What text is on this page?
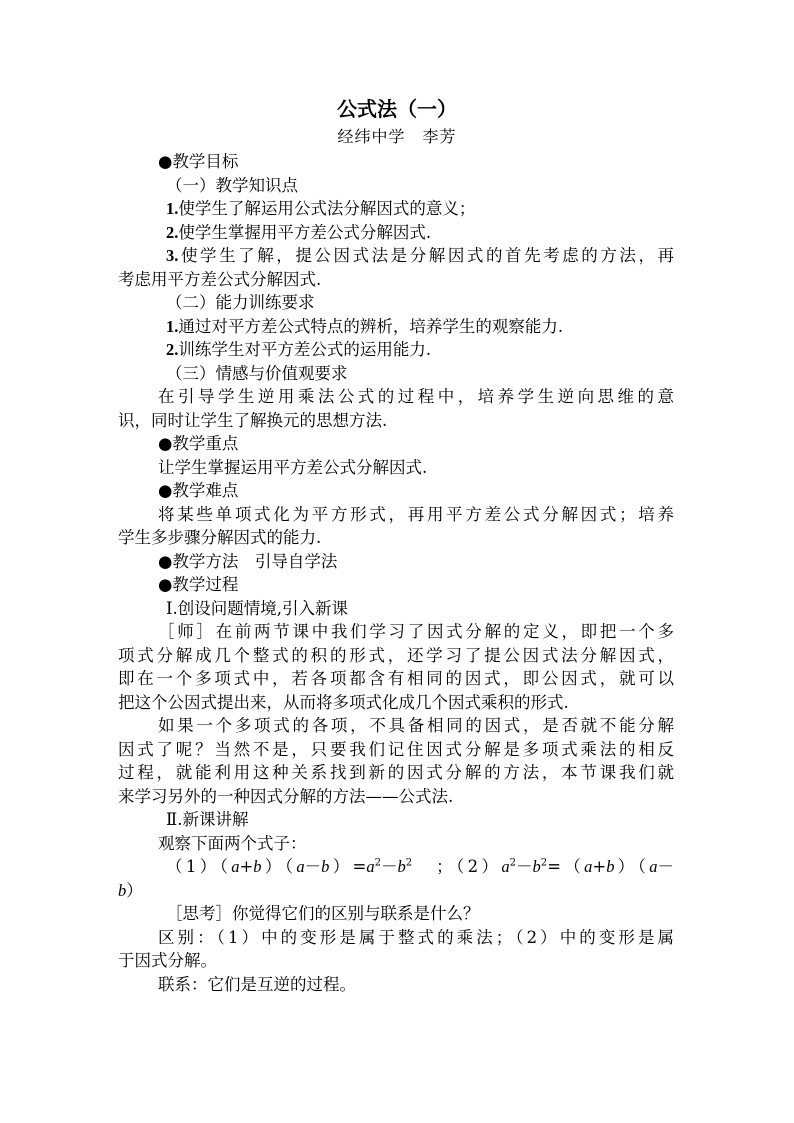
公式法（一）
经纬中学　李芳
●教学目标
（一）教学知识点
1.使学生了解运用公式法分解因式的意义；
2.使学生掌握用平方差公式分解因式.
3.使学生了解，提公因式法是分解因式的首先考虑的方法，再
考虑用平方差公式分解因式.
（二）能力训练要求
1.通过对平方差公式特点的辨析，培养学生的观察能力.
2.训练学生对平方差公式的运用能力.
（三）情感与价值观要求
在引导学生逆用乘法公式的过程中，培养学生逆向思维的意
识，同时让学生了解换元的思想方法.
●教学重点
让学生掌握运用平方差公式分解因式.
●教学难点
将某些单项式化为平方形式，再用平方差公式分解因式；培养
学生多步骤分解因式的能力.
●教学方法　引导自学法
●教学过程
Ⅰ.创设问题情境,引入新课
［师］在前两节课中我们学习了因式分解的定义，即把一个多
项式分解成几个整式的积的形式，还学习了提公因式法分解因式，
即在一个多项式中，若各项都含有相同的因式，即公因式，就可以
把这个公因式提出来，从而将多项式化成几个因式乘积的形式.
如果一个多项式的各项，不具备相同的因式，是否就不能分解
因式了呢？当然不是，只要我们记住因式分解是多项式乘法的相反
过程，就能利用这种关系找到新的因式分解的方法，本节课我们就
来学习另外的一种因式分解的方法——公式法.
Ⅱ.新课讲解
观察下面两个式子：
$(1)(a+b)(a-b)=a^2-b^2$ ；$(2)a^2-b^2=(a+b)(a-$
b）
［思考］你觉得它们的区别与联系是什么？
区别：（1）中的变形是属于整式的乘法；（2）中的变形是属
于因式分解。
联系：它们是互逆的过程。
